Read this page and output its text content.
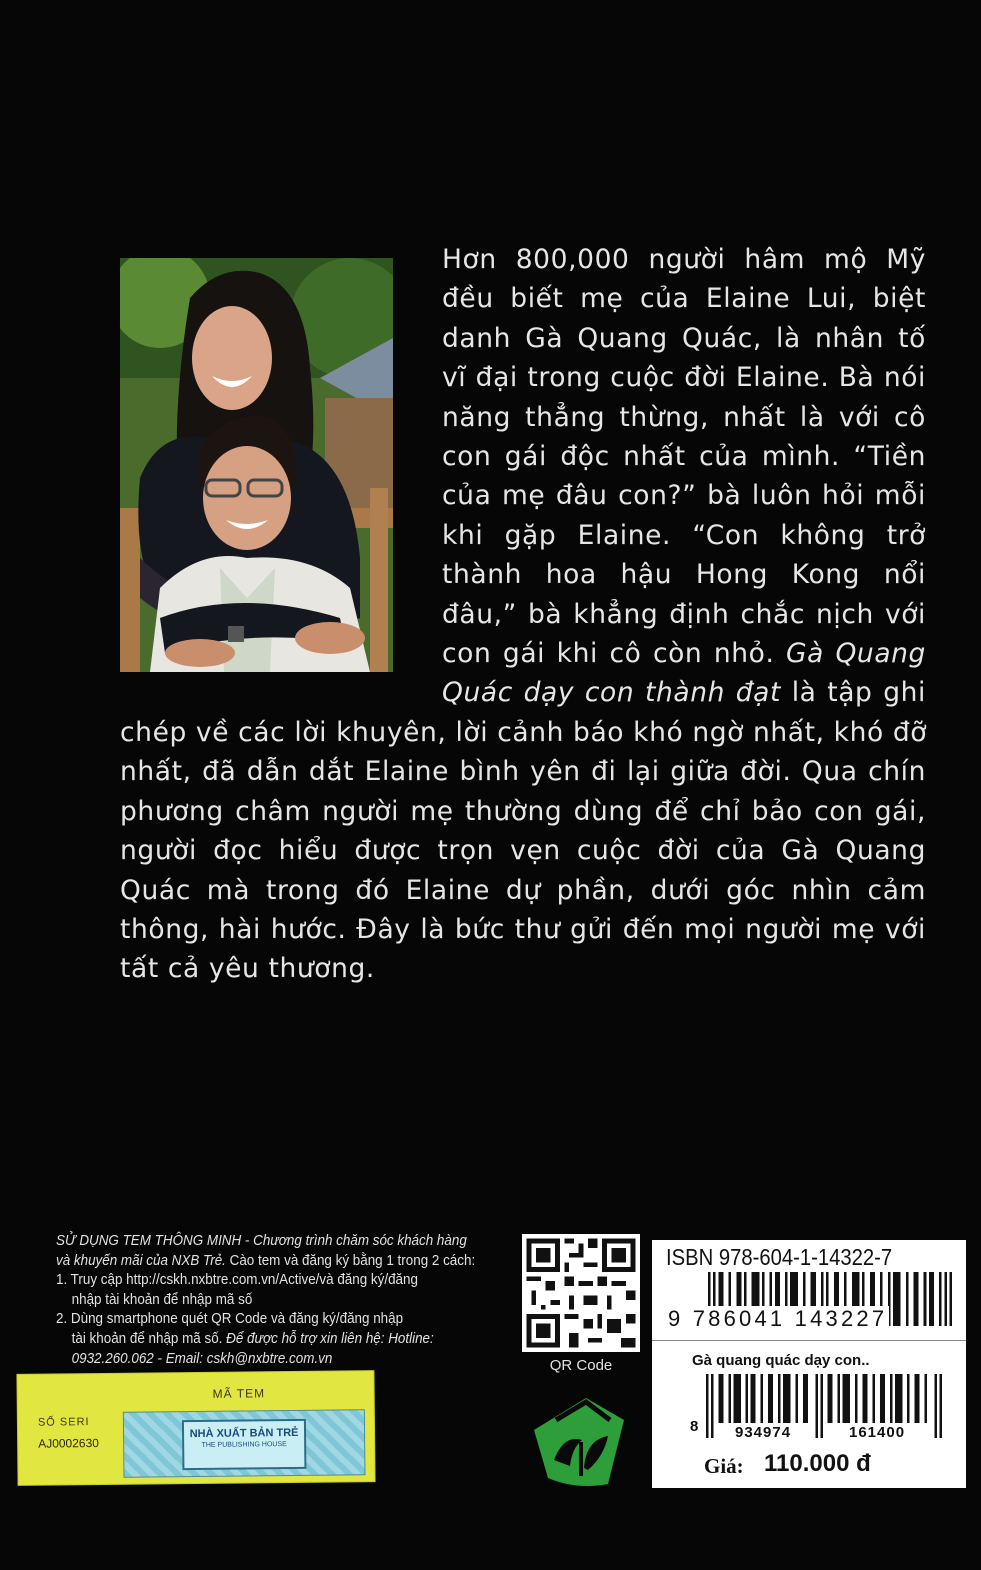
Hơn 800,000 người hâm mộ Mỹ
đều biết mẹ của Elaine Lui, biệt
danh Gà Quang Quác, là nhân tố
vĩ đại trong cuộc đời Elaine. Bà nói
năng thẳng thừng, nhất là với cô
con gái độc nhất của mình. “Tiền
của mẹ đâu con?” bà luôn hỏi mỗi
khi gặp Elaine. “Con không trở
thành hoa hậu Hong Kong nổi
đâu,” bà khẳng định chắc nịch với
con gái khi cô còn nhỏ. Gà Quang
Quác dạy con thành đạt là tập ghi
chép về các lời khuyên, lời cảnh báo khó ngờ nhất, khó đỡ
nhất, đã dẫn dắt Elaine bình yên đi lại giữa đời. Qua chín
phương châm người mẹ thường dùng để chỉ bảo con gái,
người đọc hiểu được trọn vẹn cuộc đời của Gà Quang
Quác mà trong đó Elaine dự phần, dưới góc nhìn cảm
thông, hài hước. Đây là bức thư gửi đến mọi người mẹ với
tất cả yêu thương.
SỬ DỤNG TEM THÔNG MINH - Chương trình chăm sóc khách hàng
và khuyến mãi của NXB Trẻ. Cào tem và đăng ký bằng 1 trong 2 cách:
1. Truy cập http://cskh.nxbtre.com.vn/Active/và đăng ký/đăng
nhập tài khoản để nhập mã số
2. Dùng smartphone quét QR Code và đăng ký/đăng nhập
tài khoản để nhập mã số. Để được hỗ trợ xin liên hệ: Hotline:
0932.260.062 - Email: cskh@nxbtre.com.vn
MÃ TEM
SỐ SERI
AJ0002630
NHÀ XUẤT BẢN TRẺ
THE PUBLISHING HOUSE
QR Code
ISBN 978-604-1-14322-7
9 786041 143227
Gà quang quác dạy con..
8 934974	161400
Giá: 110.000 đ
